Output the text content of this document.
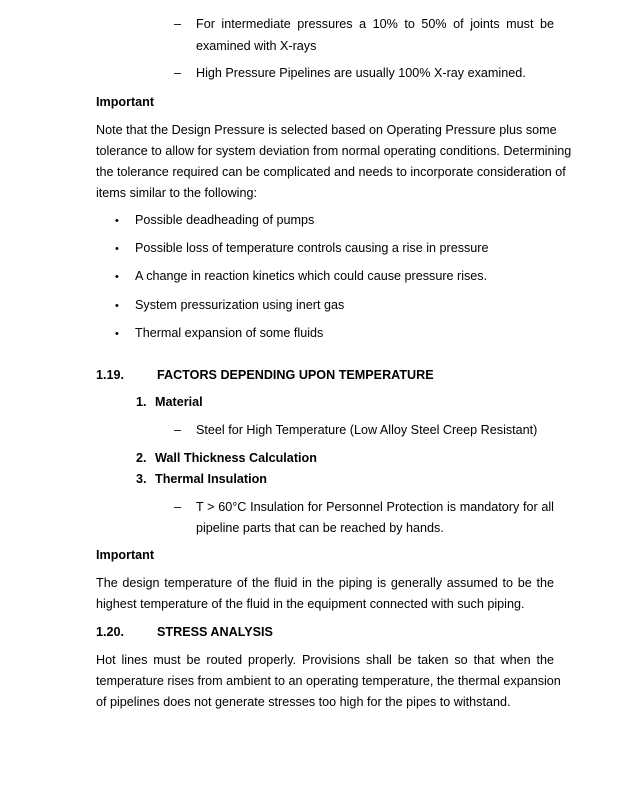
– For intermediate pressures a 10% to 50% of joints must be
examined with X-rays
– High Pressure Pipelines are usually 100% X-ray examined.
Important
Note that the Design Pressure is selected based on Operating Pressure plus some
tolerance to allow for system deviation from normal operating conditions. Determining
the tolerance required can be complicated and needs to incorporate consideration of
items similar to the following:
• Possible deadheading of pumps
• Possible loss of temperature controls causing a rise in pressure
• A change in reaction kinetics which could cause pressure rises.
• System pressurization using inert gas
• Thermal expansion of some fluids
1.19.	FACTORS DEPENDING UPON TEMPERATURE
1. Material
– Steel for High Temperature (Low Alloy Steel Creep Resistant)
2. Wall Thickness Calculation
3. Thermal Insulation
– T > 60°C Insulation for Personnel Protection is mandatory for all
pipeline parts that can be reached by hands.
Important
The design temperature of the fluid in the piping is generally assumed to be the
highest temperature of the fluid in the equipment connected with such piping.
1.20.	STRESS ANALYSIS
Hot lines must be routed properly. Provisions shall be taken so that when the
temperature rises from ambient to an operating temperature, the thermal expansion
of pipelines does not generate stresses too high for the pipes to withstand.
